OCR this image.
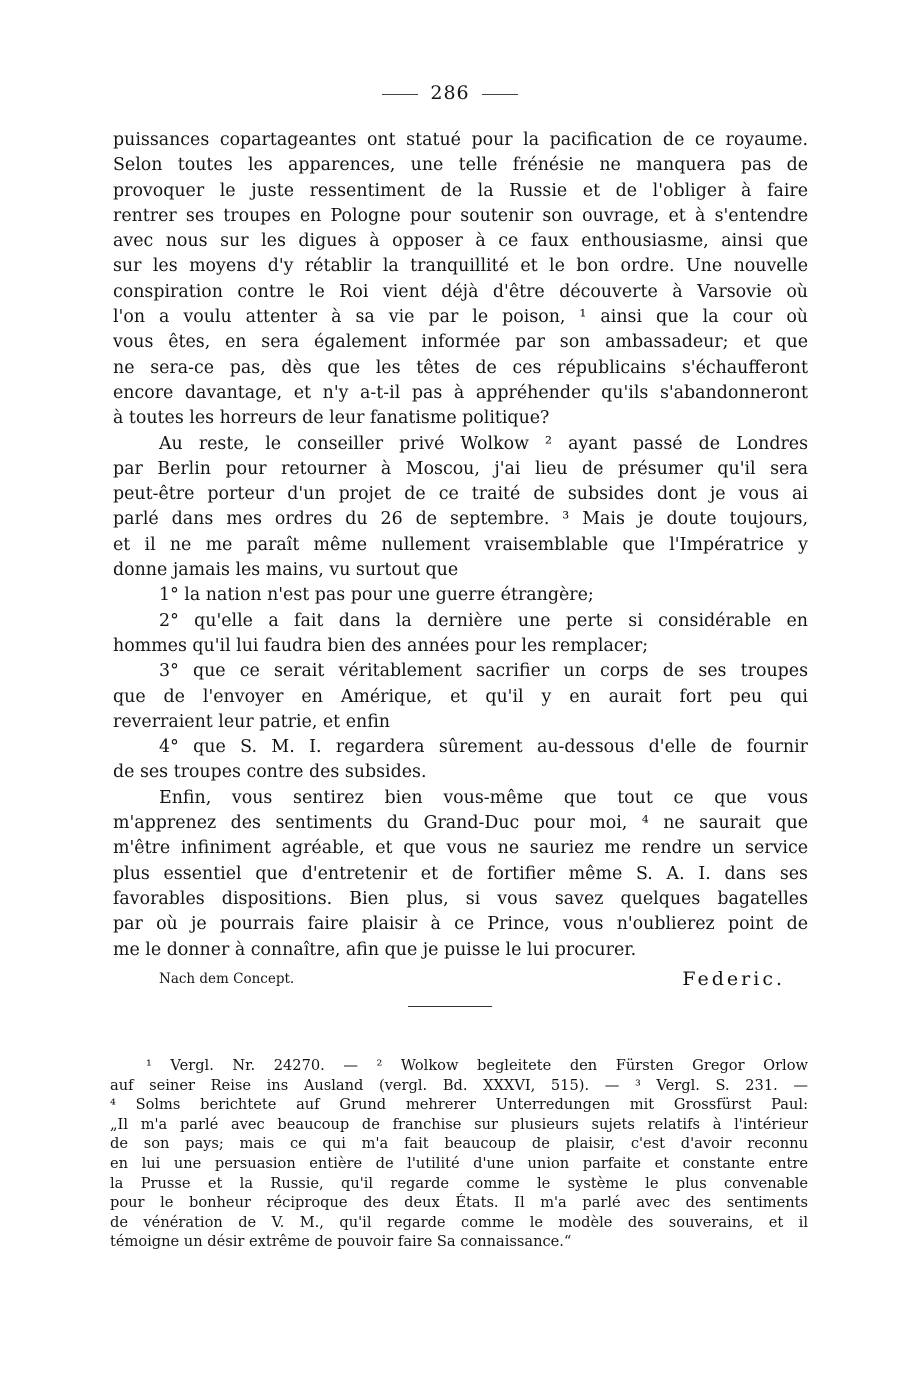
286
puissances copartageantes ont statué pour la pacification de ce royaume.
Selon toutes les apparences, une telle frénésie ne manquera pas de
provoquer le juste ressentiment de la Russie et de l'obliger à faire
rentrer ses troupes en Pologne pour soutenir son ouvrage, et à s'entendre
avec nous sur les digues à opposer à ce faux enthousiasme, ainsi que
sur les moyens d'y rétablir la tranquillité et le bon ordre. Une nouvelle
conspiration contre le Roi vient déjà d'être découverte à Varsovie où
l'on a voulu attenter à sa vie par le poison, ¹ ainsi que la cour où
vous êtes, en sera également informée par son ambassadeur; et que
ne sera-ce pas, dès que les têtes de ces républicains s'échaufferont
encore davantage, et n'y a-t-il pas à appréhender qu'ils s'abandonneront
à toutes les horreurs de leur fanatisme politique?
Au reste, le conseiller privé Wolkow ² ayant passé de Londres
par Berlin pour retourner à Moscou, j'ai lieu de présumer qu'il sera
peut-être porteur d'un projet de ce traité de subsides dont je vous ai
parlé dans mes ordres du 26 de septembre. ³ Mais je doute toujours,
et il ne me paraît même nullement vraisemblable que l'Impératrice y
donne jamais les mains, vu surtout que
1° la nation n'est pas pour une guerre étrangère;
2° qu'elle a fait dans la dernière une perte si considérable en
hommes qu'il lui faudra bien des années pour les remplacer;
3° que ce serait véritablement sacrifier un corps de ses troupes
que de l'envoyer en Amérique, et qu'il y en aurait fort peu qui
reverraient leur patrie, et enfin
4° que S. M. I. regardera sûrement au-dessous d'elle de fournir
de ses troupes contre des subsides.
Enfin, vous sentirez bien vous-même que tout ce que vous
m'apprenez des sentiments du Grand-Duc pour moi, ⁴ ne saurait que
m'être infiniment agréable, et que vous ne sauriez me rendre un service
plus essentiel que d'entretenir et de fortifier même S. A. I. dans ses
favorables dispositions. Bien plus, si vous savez quelques bagatelles
par où je pourrais faire plaisir à ce Prince, vous n'oublierez point de
me le donner à connaître, afin que je puisse le lui procurer.
Nach dem Concept.	Federic.
¹ Vergl. Nr. 24270. — ² Wolkow begleitete den Fürsten Gregor Orlow
auf seiner Reise ins Ausland (vergl. Bd. XXXVI, 515). — ³ Vergl. S. 231. —
⁴ Solms berichtete auf Grund mehrerer Unterredungen mit Grossfürst Paul:
„Il m'a parlé avec beaucoup de franchise sur plusieurs sujets relatifs à l'intérieur
de son pays; mais ce qui m'a fait beaucoup de plaisir, c'est d'avoir reconnu
en lui une persuasion entière de l'utilité d'une union parfaite et constante entre
la Prusse et la Russie, qu'il regarde comme le système le plus convenable
pour le bonheur réciproque des deux États. Il m'a parlé avec des sentiments
de vénération de V. M., qu'il regarde comme le modèle des souverains, et il
témoigne un désir extrême de pouvoir faire Sa connaissance.“
